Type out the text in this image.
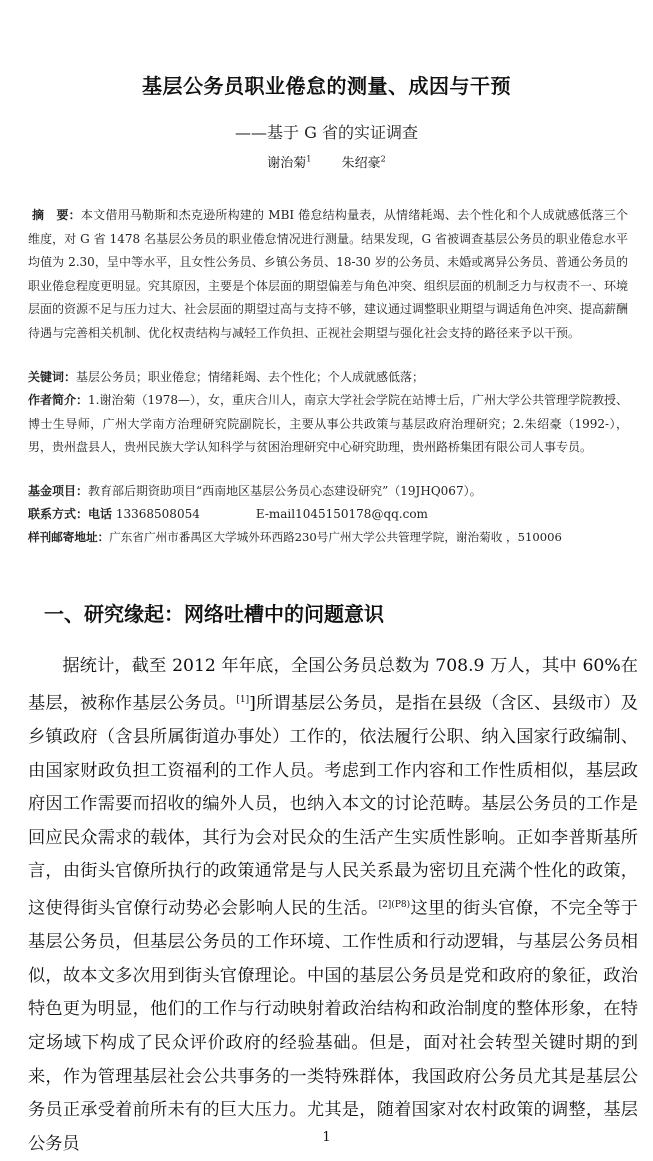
基层公务员职业倦怠的测量、成因与干预
——基于 G 省的实证调查
谢治菊$^1$ 朱绍豪$^2$
摘　要：本文借用马勒斯和杰克逊所构建的 MBI 倦怠结构量表，从情绪耗竭、去个性化和个人成就感低落三个维度，对 G 省 1478 名基层公务员的职业倦怠情况进行测量。结果发现，G 省被调查基层公务员的职业倦怠水平均值为 2.30，呈中等水平，且女性公务员、乡镇公务员、18-30 岁的公务员、未婚或离异公务员、普通公务员的职业倦怠程度更明显。究其原因，主要是个体层面的期望偏差与角色冲突、组织层面的机制乏力与权责不一、环境层面的资源不足与压力过大、社会层面的期望过高与支持不够，建议通过调整职业期望与调适角色冲突、提高薪酬待遇与完善相关机制、优化权责结构与减轻工作负担、正视社会期望与强化社会支持的路径来予以干预。
关键词：基层公务员；职业倦怠；情绪耗竭、去个性化；个人成就感低落；
作者简介：1.谢治菊（1978—），女，重庆合川人，南京大学社会学院在站博士后，广州大学公共管理学院教授、博士生导师，广州大学南方治理研究院副院长，主要从事公共政策与基层政府治理研究；2.朱绍豪（1992-），男，贵州盘县人，贵州民族大学认知科学与贫困治理研究中心研究助理，贵州路桥集团有限公司人事专员。
基金项目：教育部后期资助项目“西南地区基层公务员心态建设研究”（19JHQ067）。
联系方式：电话 13368508054	E-mail1045150178@qq.com
样刊邮寄地址：广东省广州市番禺区大学城外环西路230号广州大学公共管理学院，谢治菊收 ，510006
一、研究缘起：网络吐槽中的问题意识

据统计，截至 2012 年年底，全国公务员总数为 708.9 万人，其中 60%在基层，被称作基层公务员。[1]]所谓基层公务员，是指在县级（含区、县级市）及乡镇政府（含县所属街道办事处）工作的，依法履行公职、纳入国家行政编制、由国家财政负担工资福利的工作人员。考虑到工作内容和工作性质相似，基层政府因工作需要而招收的编外人员，也纳入本文的讨论范畴。基层公务员的工作是回应民众需求的载体，其行为会对民众的生活产生实质性影响。正如李普斯基所言，由街头官僚所执行的政策通常是与人民关系最为密切且充满个性化的政策，这使得街头官僚行动势必会影响人民的生活。$^{[2](P8)}$这里的街头官僚，不完全等于基层公务员，但基层公务员的工作环境、工作性质和行动逻辑，与基层公务员相似，故本文多次用到街头官僚理论。中国的基层公务员是党和政府的象征，政治特色更为明显，他们的工作与行动映射着政治结构和政治制度的整体形象，在特定场域下构成了民众评价政府的经验基础。但是，面对社会转型关键时期的到来，作为管理基层社会公共事务的一类特殊群体，我国政府公务员尤其是基层公务员正承受着前所未有的巨大压力。尤其是，随着国家对农村政策的调整，基层公务员	1
